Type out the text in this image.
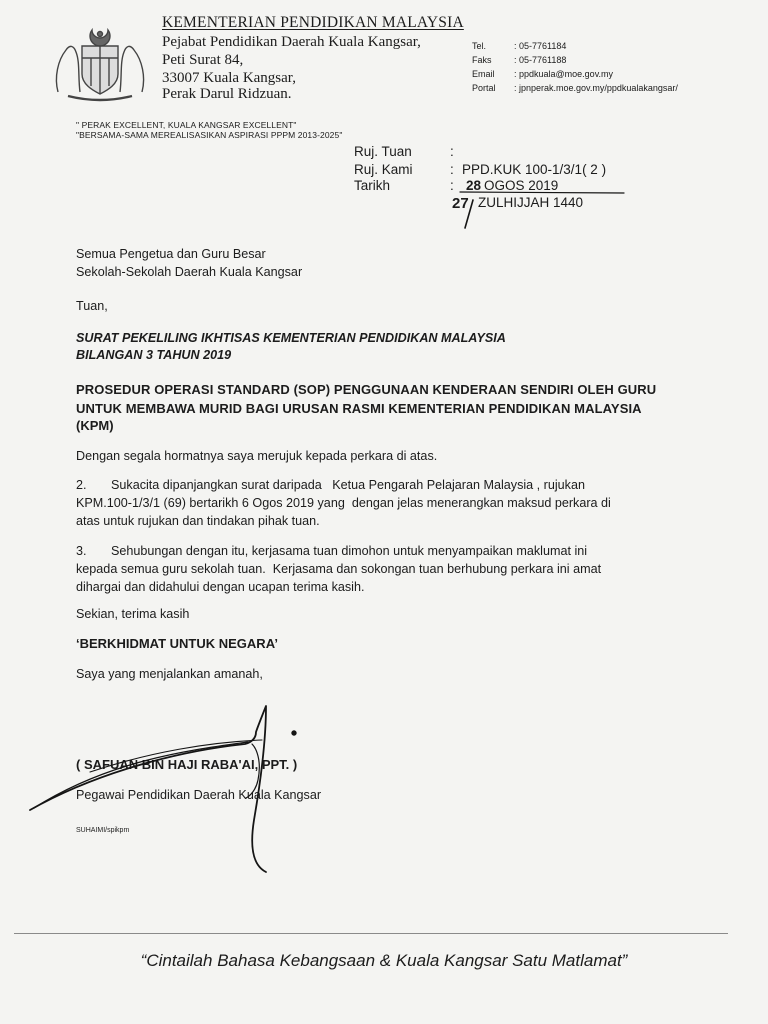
KEMENTERIAN PENDIDIKAN MALAYSIA
Pejabat Pendidikan Daerah Kuala Kangsar,
Peti Surat 84,
33007 Kuala Kangsar,
Perak Darul Ridzuan.
Tel.	: 05-7761184
Faks : 05-7761188
Email : ppdkuala@moe.gov.my
Portal : jpnperak.moe.gov.my/ppdkualakangsar/
" PERAK EXCELLENT, KUALA KANGSAR EXCELLENT"
"BERSAMA-SAMA MEREALISASIKAN ASPIRASI PPPM 2013-2025"
Ruj. Tuan	:
Ruj. Kami	: PPD.KUK 100-1/3/1( 2 )
Tarikh	: 28 OGOS 2019
27 ZULHIJJAH 1440
Semua Pengetua dan Guru Besar
Sekolah-Sekolah Daerah Kuala Kangsar
Tuan,
SURAT PEKELILING IKHTISAS KEMENTERIAN PENDIDIKAN MALAYSIA
BILANGAN 3 TAHUN 2019
PROSEDUR OPERASI STANDARD (SOP) PENGGUNAAN KENDERAAN SENDIRI OLEH GURU
UNTUK MEMBAWA MURID BAGI URUSAN RASMI KEMENTERIAN PENDIDIKAN MALAYSIA
(KPM)
Dengan segala hormatnya saya merujuk kepada perkara di atas.
2.       Sukacita dipanjangkan surat daripada   Ketua Pengarah Pelajaran Malaysia , rujukan
KPM.100-1/3/1 (69) bertarikh 6 Ogos 2019 yang  dengan jelas menerangkan maksud perkara di
atas untuk rujukan dan tindakan pihak tuan.
3.       Sehubungan dengan itu, kerjasama tuan dimohon untuk menyampaikan maklumat ini
kepada semua guru sekolah tuan.  Kerjasama dan sokongan tuan berhubung perkara ini amat
dihargai dan didahului dengan ucapan terima kasih.
Sekian, terima kasih
‘BERKHIDMAT UNTUK NEGARA’
Saya yang menjalankan amanah,
( SAFUAN BIN HAJI RABA'AI, PPT. )
Pegawai Pendidikan Daerah Kuala Kangsar
SUHAIMI/spikpm
“Cintailah Bahasa Kebangsaan & Kuala Kangsar Satu Matlamat”
